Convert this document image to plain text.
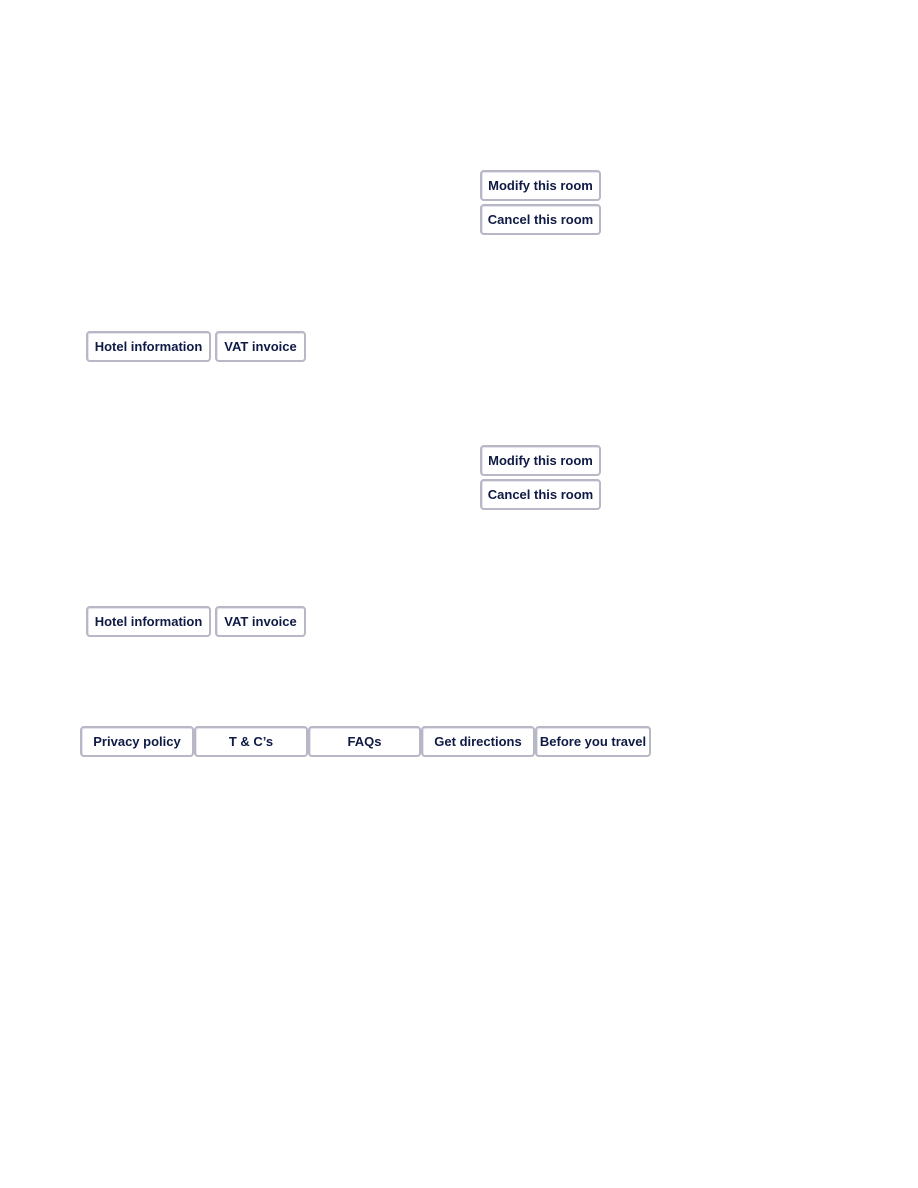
Modify this room
Cancel this room
Hotel information	VAT invoice
Modify this room
Cancel this room
Hotel information	VAT invoice
Privacy policy	T & C’s	FAQs	Get directions	Before you travel
